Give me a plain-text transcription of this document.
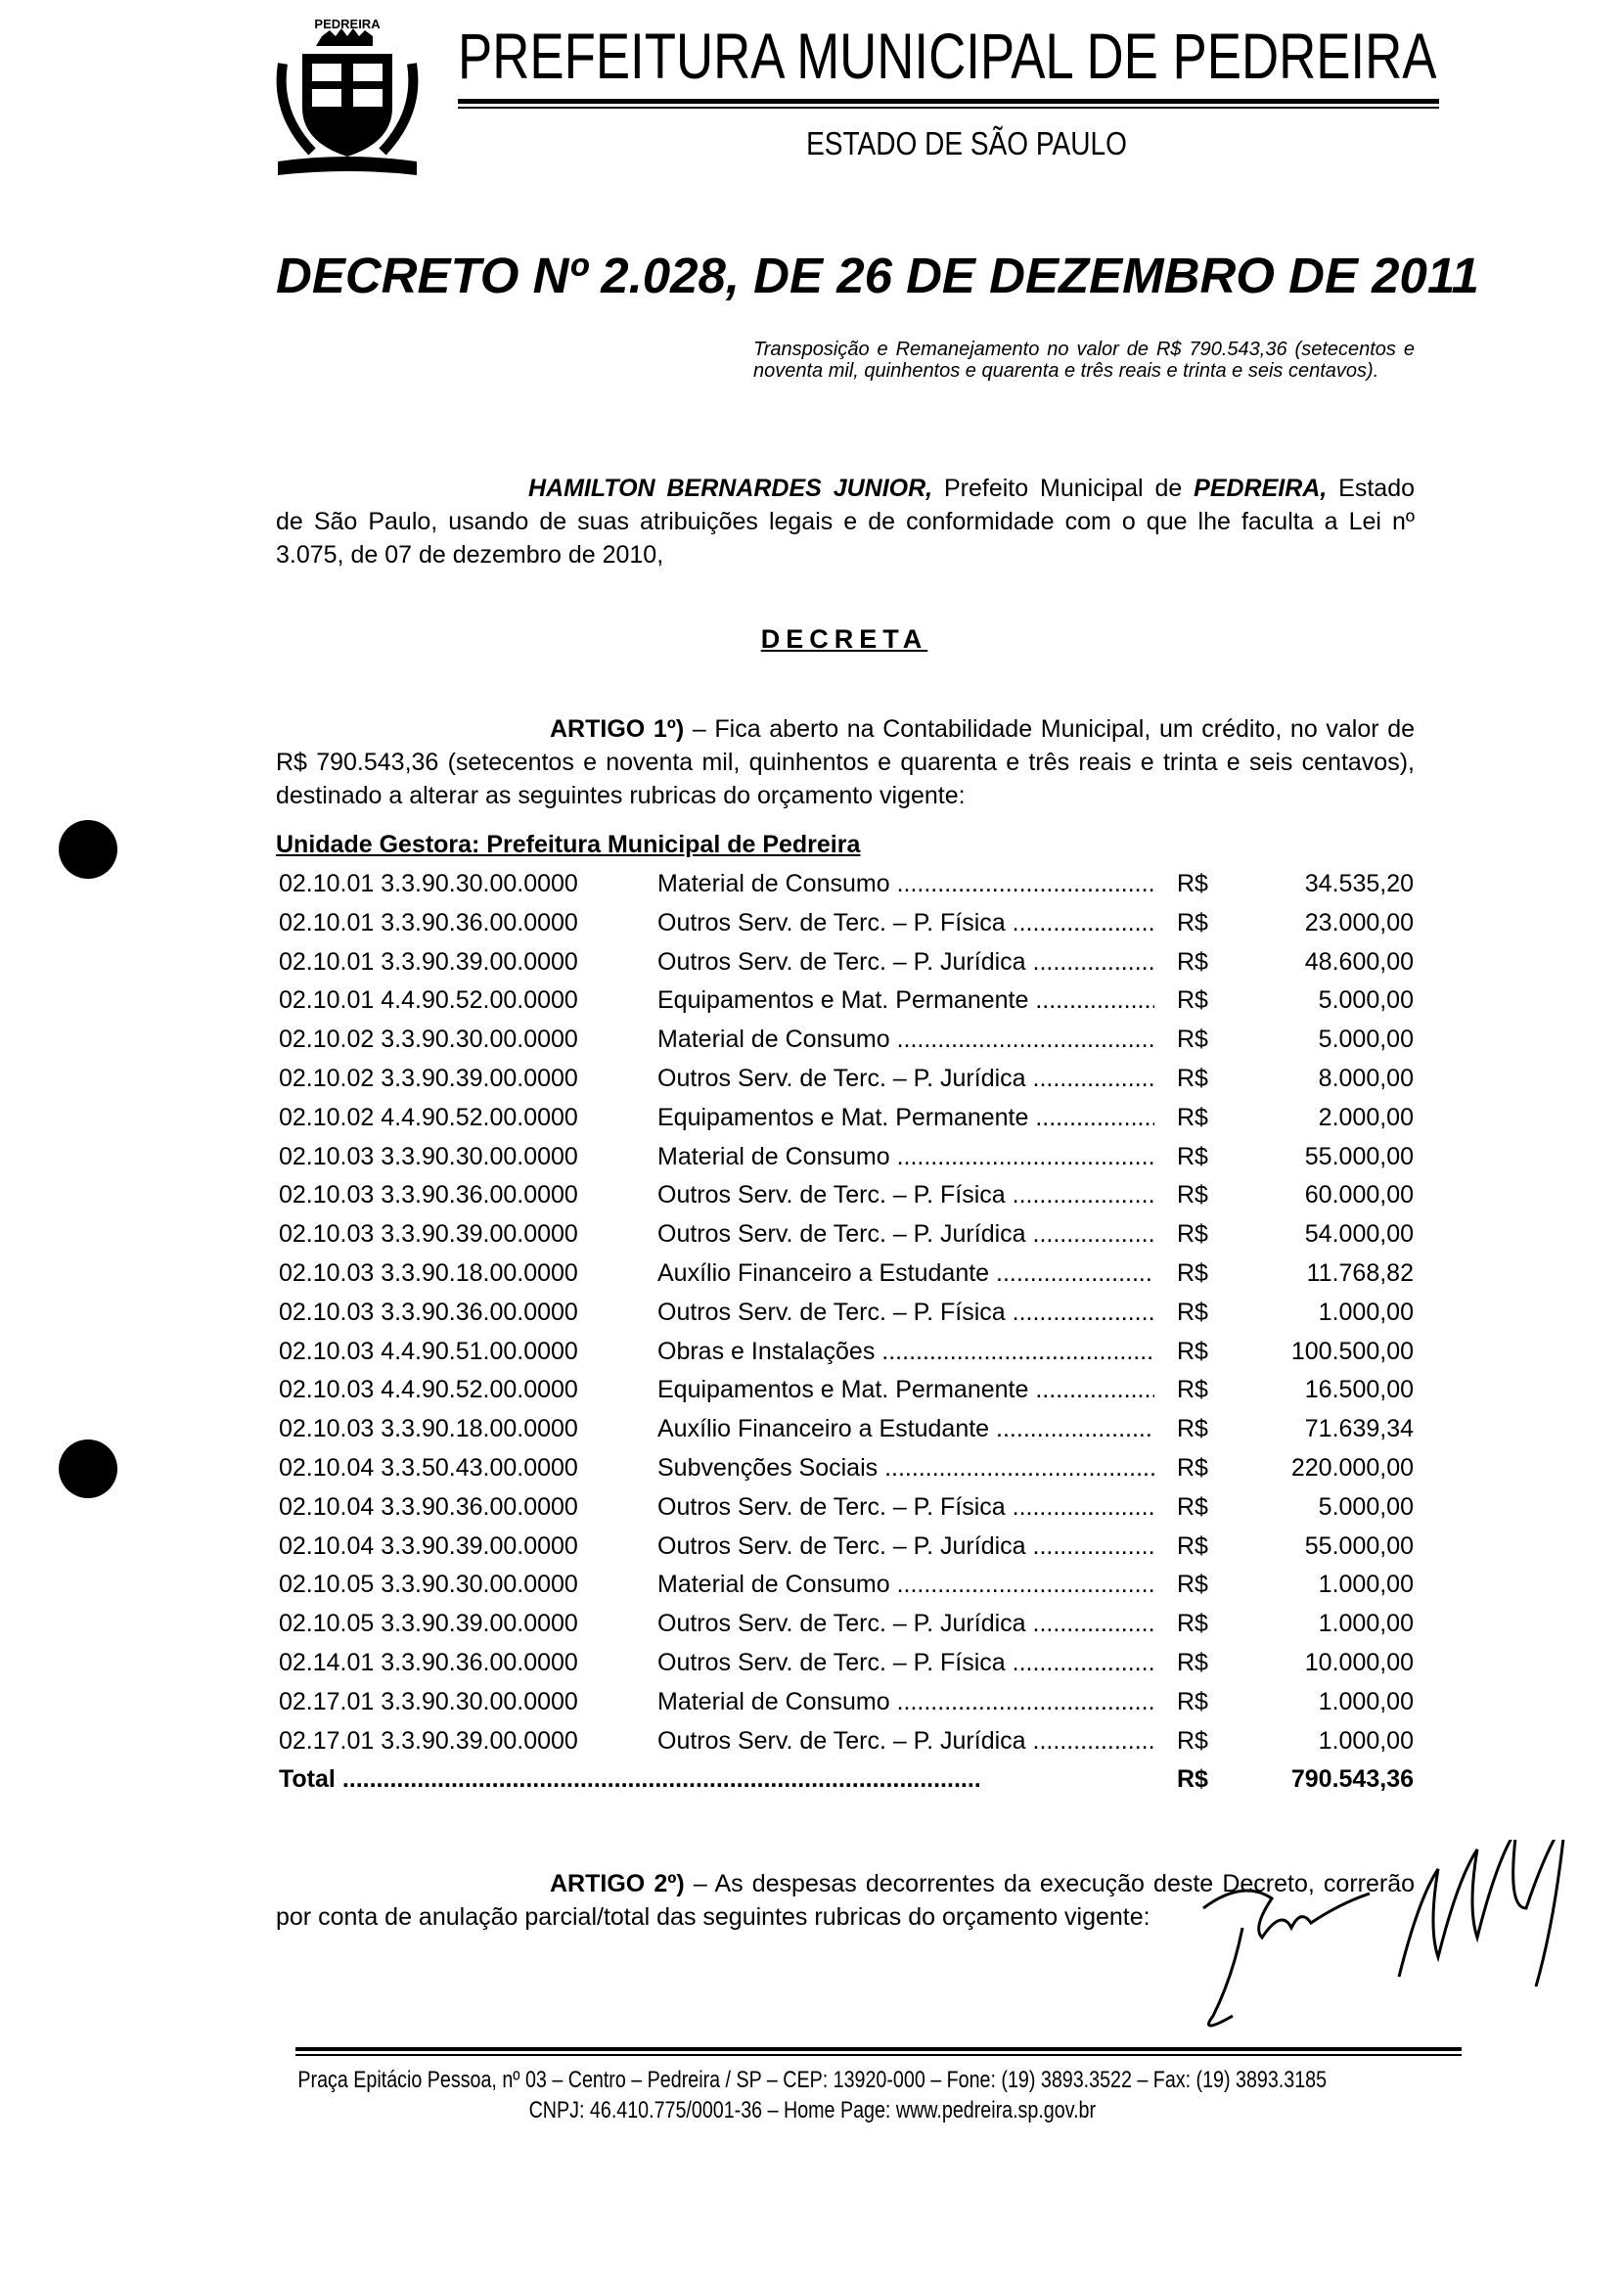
PEDREIRA PREFEITURA MUNICIPAL DE PEDREIRA
ESTADO DE SÃO PAULO
DECRETO Nº 2.028, DE 26 DE DEZEMBRO DE 2011
Transposição e Remanejamento no valor de R$ 790.543,36 (setecentos e noventa mil, quinhentos e quarenta e três reais e trinta e seis centavos).
HAMILTON BERNARDES JUNIOR, Prefeito Municipal de PEDREIRA, Estado de São Paulo, usando de suas atribuições legais e de conformidade com o que lhe faculta a Lei nº 3.075, de 07 de dezembro de 2010,
DECRETA
ARTIGO 1º) – Fica aberto na Contabilidade Municipal, um crédito, no valor de R$ 790.543,36 (setecentos e noventa mil, quinhentos e quarenta e três reais e trinta e seis centavos), destinado a alterar as seguintes rubricas do orçamento vigente:
Unidade Gestora: Prefeitura Municipal de Pedreira
02.10.01 3.3.90.30.00.0000	Material de Consumo .....	R$	34.535,20
02.10.01 3.3.90.36.00.0000	Outros Serv. de Terc. – P. Física .....	R$	23.000,00
02.10.01 3.3.90.39.00.0000	Outros Serv. de Terc. – P. Jurídica .....	R$	48.600,00
02.10.01 4.4.90.52.00.0000	Equipamentos e Mat. Permanente .....	R$	5.000,00
02.10.02 3.3.90.30.00.0000	Material de Consumo .....	R$	5.000,00
02.10.02 3.3.90.39.00.0000	Outros Serv. de Terc. – P. Jurídica .....	R$	8.000,00
02.10.02 4.4.90.52.00.0000	Equipamentos e Mat. Permanente .....	R$	2.000,00
02.10.03 3.3.90.30.00.0000	Material de Consumo .....	R$	55.000,00
02.10.03 3.3.90.36.00.0000	Outros Serv. de Terc. – P. Física .....	R$	60.000,00
02.10.03 3.3.90.39.00.0000	Outros Serv. de Terc. – P. Jurídica .....	R$	54.000,00
02.10.03 3.3.90.18.00.0000	Auxílio Financeiro a Estudante .....	R$	11.768,82
02.10.03 3.3.90.36.00.0000	Outros Serv. de Terc. – P. Física .....	R$	1.000,00
02.10.03 4.4.90.51.00.0000	Obras e Instalações .....	R$	100.500,00
02.10.03 4.4.90.52.00.0000	Equipamentos e Mat. Permanente .....	R$	16.500,00
02.10.03 3.3.90.18.00.0000	Auxílio Financeiro a Estudante .....	R$	71.639,34
02.10.04 3.3.50.43.00.0000	Subvenções Sociais .....	R$	220.000,00
02.10.04 3.3.90.36.00.0000	Outros Serv. de Terc. – P. Física .....	R$	5.000,00
02.10.04 3.3.90.39.00.0000	Outros Serv. de Terc. – P. Jurídica .....	R$	55.000,00
02.10.05 3.3.90.30.00.0000	Material de Consumo .....	R$	1.000,00
02.10.05 3.3.90.39.00.0000	Outros Serv. de Terc. – P. Jurídica .....	R$	1.000,00
02.14.01 3.3.90.36.00.0000	Outros Serv. de Terc. – P. Física .....	R$	10.000,00
02.17.01 3.3.90.30.00.0000	Material de Consumo .....	R$	1.000,00
02.17.01 3.3.90.39.00.0000	Outros Serv. de Terc. – P. Jurídica .....	R$	1.000,00
Total .....	R$	790.543,36
ARTIGO 2º) – As despesas decorrentes da execução deste Decreto, correrão por conta de anulação parcial/total das seguintes rubricas do orçamento vigente:
Praça Epitácio Pessoa, nº 03 – Centro – Pedreira / SP – CEP: 13920-000 – Fone: (19) 3893.3522 – Fax: (19) 3893.3185
CNPJ: 46.410.775/0001-36 – Home Page: www.pedreira.sp.gov.br
